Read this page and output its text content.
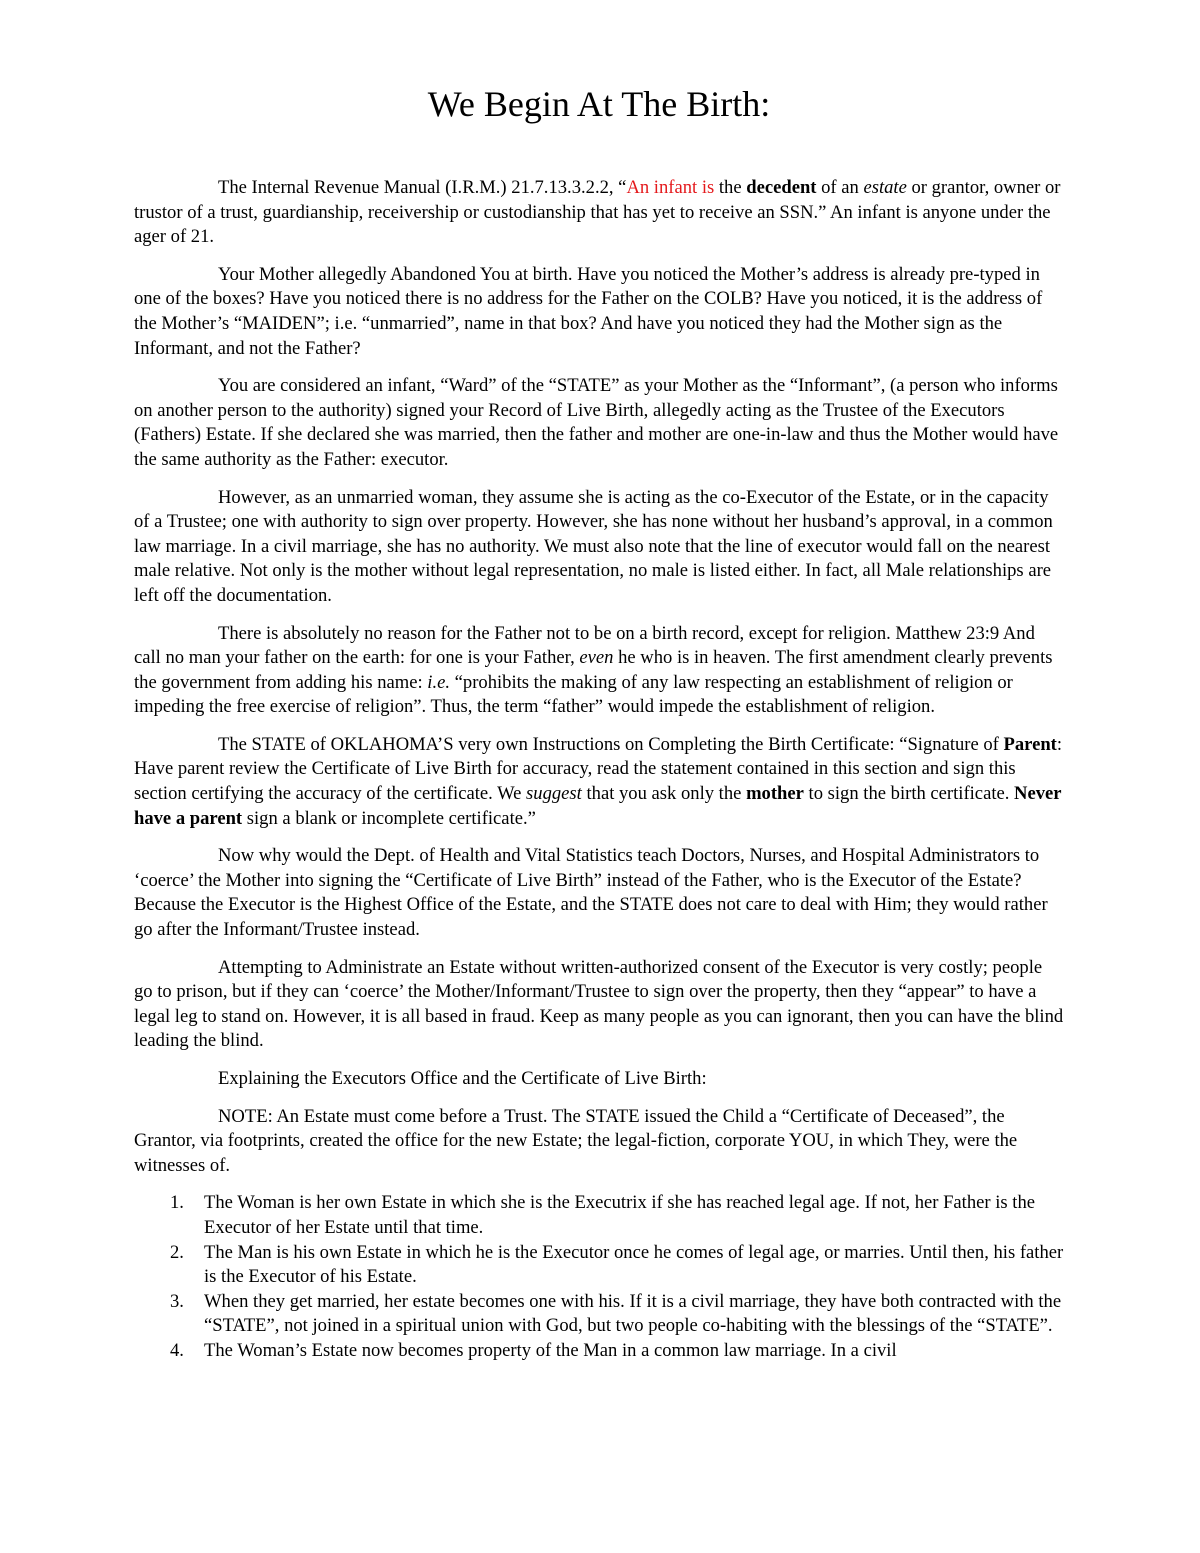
We Begin At The Birth:

The Internal Revenue Manual (I.R.M.) 21.7.13.3.2.2, “An infant is the decedent of an estate or grantor, owner or trustor of a trust, guardianship, receivership or custodianship that has yet to receive an SSN.” An infant is anyone under the ager of 21.

Your Mother allegedly Abandoned You at birth. Have you noticed the Mother’s address is already pre-typed in one of the boxes? Have you noticed there is no address for the Father on the COLB? Have you noticed, it is the address of the Mother’s “MAIDEN”; i.e. “unmarried”, name in that box? And have you noticed they had the Mother sign as the Informant, and not the Father?

You are considered an infant, “Ward” of the “STATE” as your Mother as the “Informant”, (a person who informs on another person to the authority) signed your Record of Live Birth, allegedly acting as the Trustee of the Executors (Fathers) Estate. If she declared she was married, then the father and mother are one-in-law and thus the Mother would have the same authority as the Father: executor.

However, as an unmarried woman, they assume she is acting as the co-Executor of the Estate, or in the capacity of a Trustee; one with authority to sign over property. However, she has none without her husband’s approval, in a common law marriage. In a civil marriage, she has no authority. We must also note that the line of executor would fall on the nearest male relative. Not only is the mother without legal representation, no male is listed either. In fact, all Male relationships are left off the documentation.

There is absolutely no reason for the Father not to be on a birth record, except for religion. Matthew 23:9 And call no man your father on the earth: for one is your Father, even he who is in heaven. The first amendment clearly prevents the government from adding his name: i.e. “prohibits the making of any law respecting an establishment of religion or impeding the free exercise of religion”. Thus, the term “father” would impede the establishment of religion.

The STATE of OKLAHOMA’S very own Instructions on Completing the Birth Certificate: “Signature of Parent: Have parent review the Certificate of Live Birth for accuracy, read the statement contained in this section and sign this section certifying the accuracy of the certificate. We suggest that you ask only the mother to sign the birth certificate. Never have a parent sign a blank or incomplete certificate.”

Now why would the Dept. of Health and Vital Statistics teach Doctors, Nurses, and Hospital Administrators to ‘coerce’ the Mother into signing the “Certificate of Live Birth” instead of the Father, who is the Executor of the Estate? Because the Executor is the Highest Office of the Estate, and the STATE does not care to deal with Him; they would rather go after the Informant/Trustee instead.

Attempting to Administrate an Estate without written-authorized consent of the Executor is very costly; people go to prison, but if they can ‘coerce’ the Mother/Informant/Trustee to sign over the property, then they “appear” to have a legal leg to stand on. However, it is all based in fraud. Keep as many people as you can ignorant, then you can have the blind leading the blind.

Explaining the Executors Office and the Certificate of Live Birth:

NOTE: An Estate must come before a Trust. The STATE issued the Child a “Certificate of Deceased”, the Grantor, via footprints, created the office for the new Estate; the legal-fiction, corporate YOU, in which They, were the witnesses of.

1. The Woman is her own Estate in which she is the Executrix if she has reached legal age. If not, her Father is the Executor of her Estate until that time.
2. The Man is his own Estate in which he is the Executor once he comes of legal age, or marries. Until then, his father is the Executor of his Estate.
3. When they get married, her estate becomes one with his. If it is a civil marriage, they have both contracted with the “STATE”, not joined in a spiritual union with God, but two people co-habiting with the blessings of the “STATE”.
4. The Woman’s Estate now becomes property of the Man in a common law marriage. In a civil
